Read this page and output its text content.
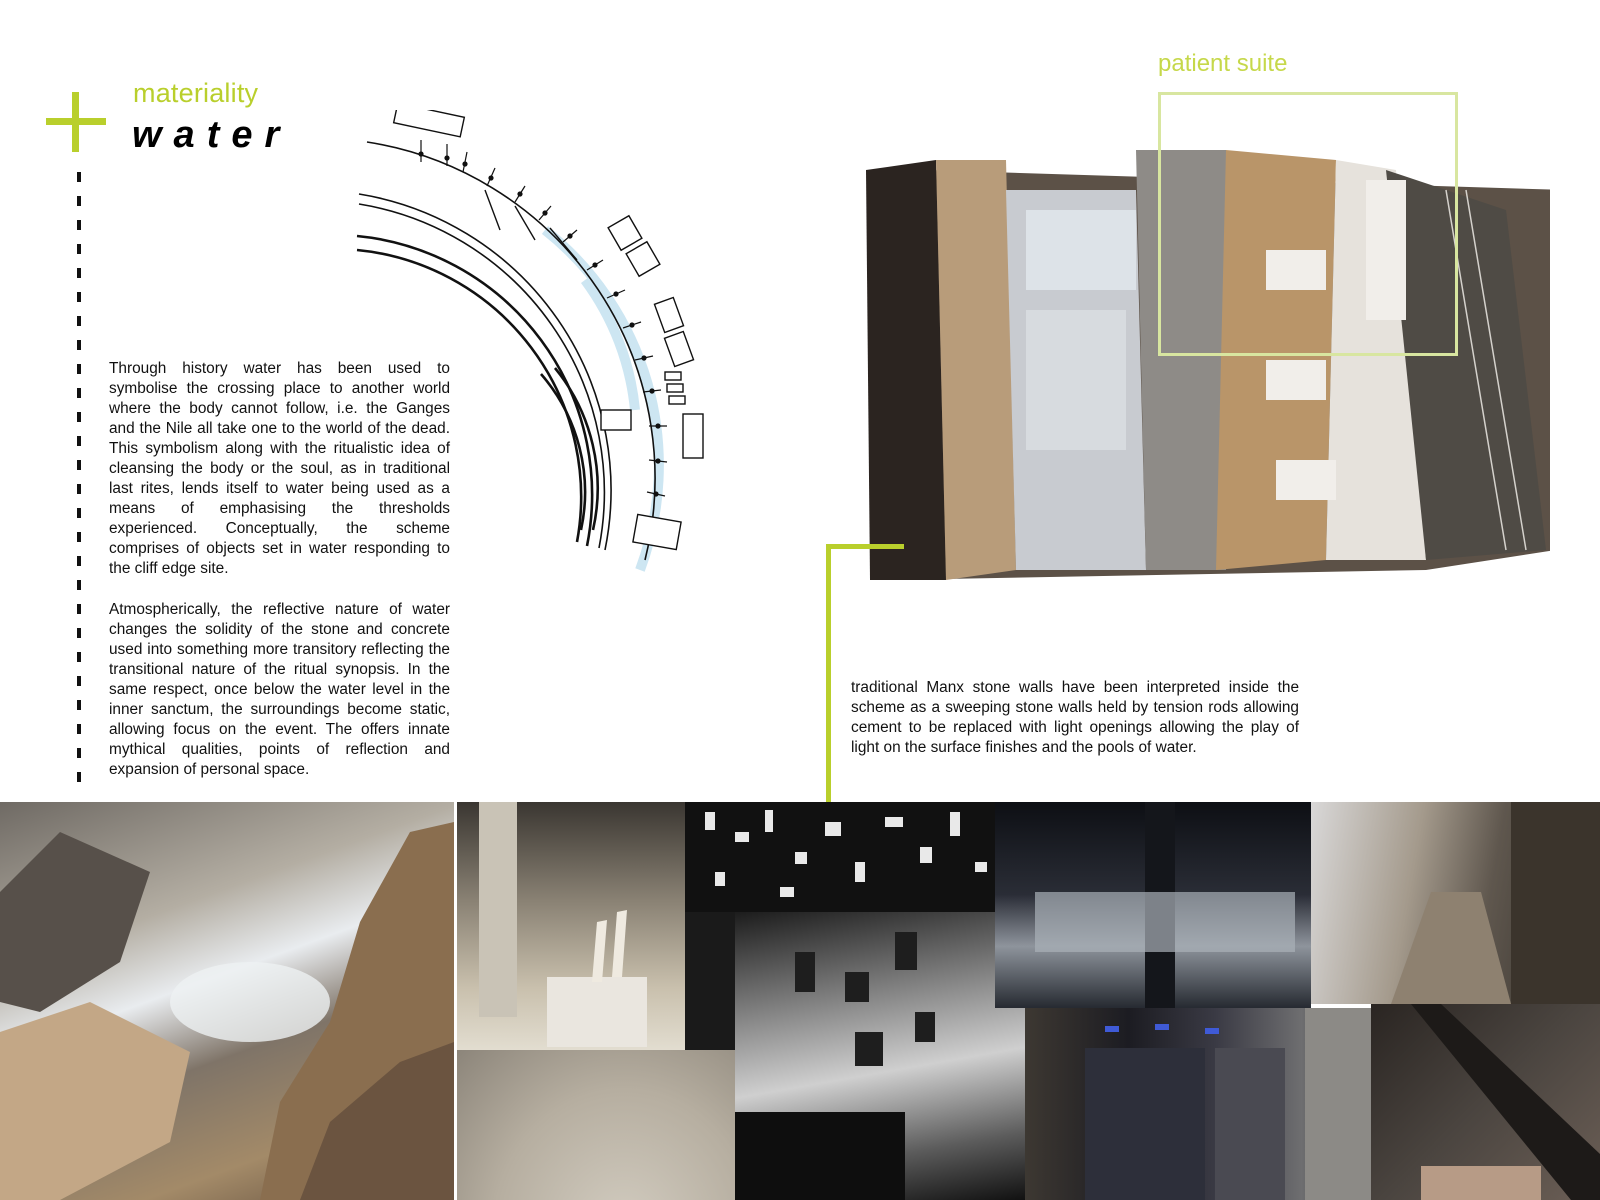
materiality
water

Through history water has been used to symbolise the crossing place to another world where the body cannot follow, i.e. the Ganges and the Nile all take one to the world of the dead. This symbolism along with the ritualistic idea of cleansing the body or the soul, as in traditional last rites, lends itself to water being used as a means of emphasising the thresholds experienced. Conceptually, the scheme comprises of objects set in water responding to the cliff edge site.

Atmospherically, the reflective nature of water changes the solidity of the stone and concrete used into something more transitory reflecting the transitional nature of the ritual synopsis. In the same respect, once below the water level in the inner sanctum, the surroundings become static, allowing focus on the event. The offers innate mythical qualities, points of reflection and expansion of personal space.

patient suite

traditional Manx stone walls have been interpreted inside the scheme as a sweeping stone walls held by tension rods allowing cement to be replaced with light openings allowing the play of light on the surface finishes and the pools of water.
